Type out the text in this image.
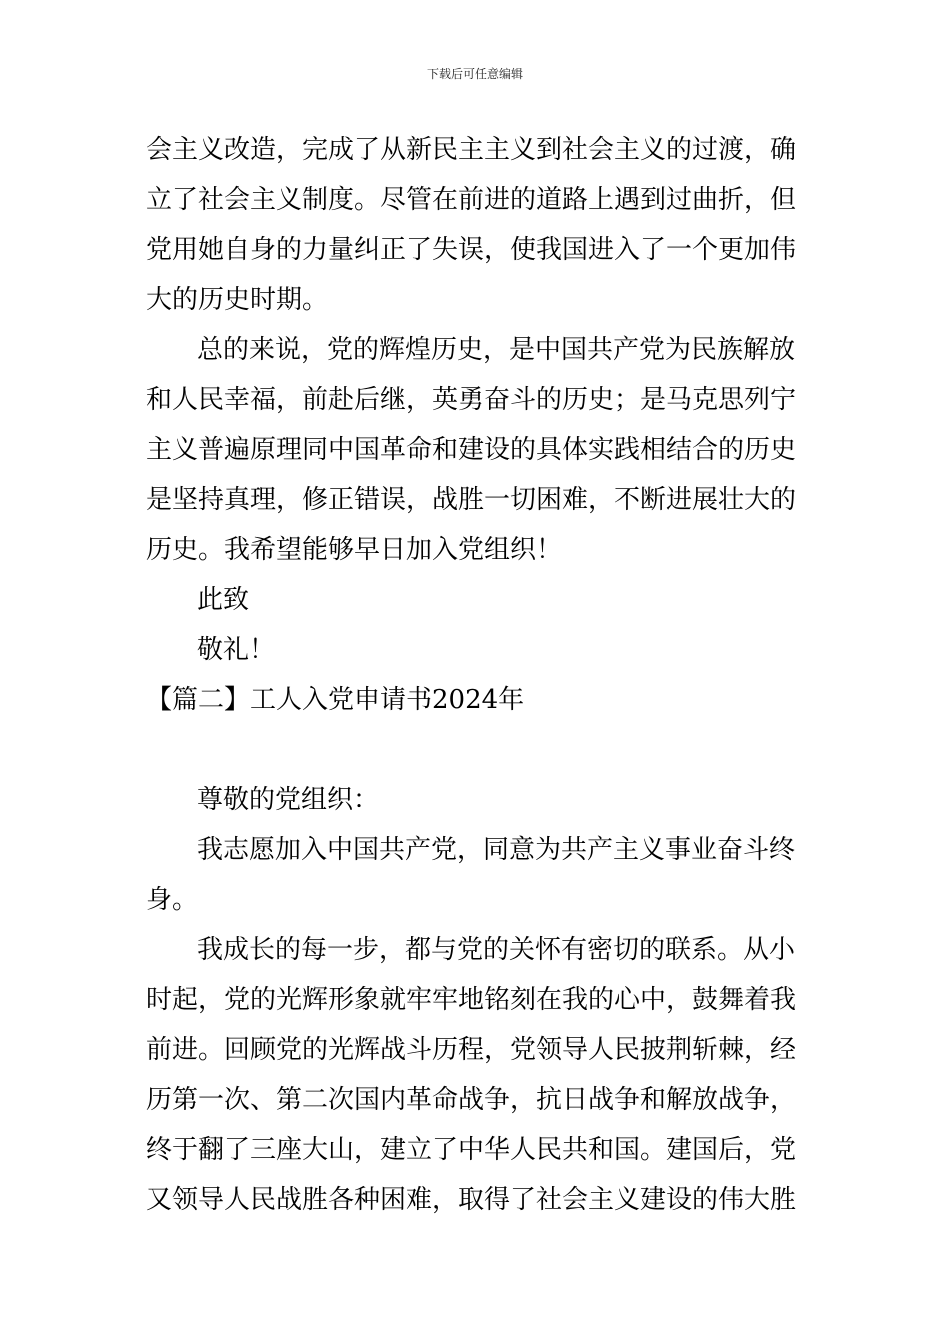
下载后可任意编辑
会主义改造，完成了从新民主主义到社会主义的过渡，确
立了社会主义制度。尽管在前进的道路上遇到过曲折，但
党用她自身的力量纠正了失误，使我国进入了一个更加伟
大的历史时期。
总的来说，党的辉煌历史，是中国共产党为民族解放
和人民幸福，前赴后继，英勇奋斗的历史；是马克思列宁
主义普遍原理同中国革命和建设的具体实践相结合的历史
是坚持真理，修正错误，战胜一切困难，不断进展壮大的
历史。我希望能够早日加入党组织！
此致
敬礼！
【篇二】工人入党申请书2024年
尊敬的党组织：
我志愿加入中国共产党，同意为共产主义事业奋斗终
身。
我成长的每一步，都与党的关怀有密切的联系。从小
时起，党的光辉形象就牢牢地铭刻在我的心中，鼓舞着我
前进。回顾党的光辉战斗历程，党领导人民披荆斩棘，经
历第一次、第二次国内革命战争，抗日战争和解放战争，
终于翻了三座大山，建立了中华人民共和国。建国后，党
又领导人民战胜各种困难，取得了社会主义建设的伟大胜
